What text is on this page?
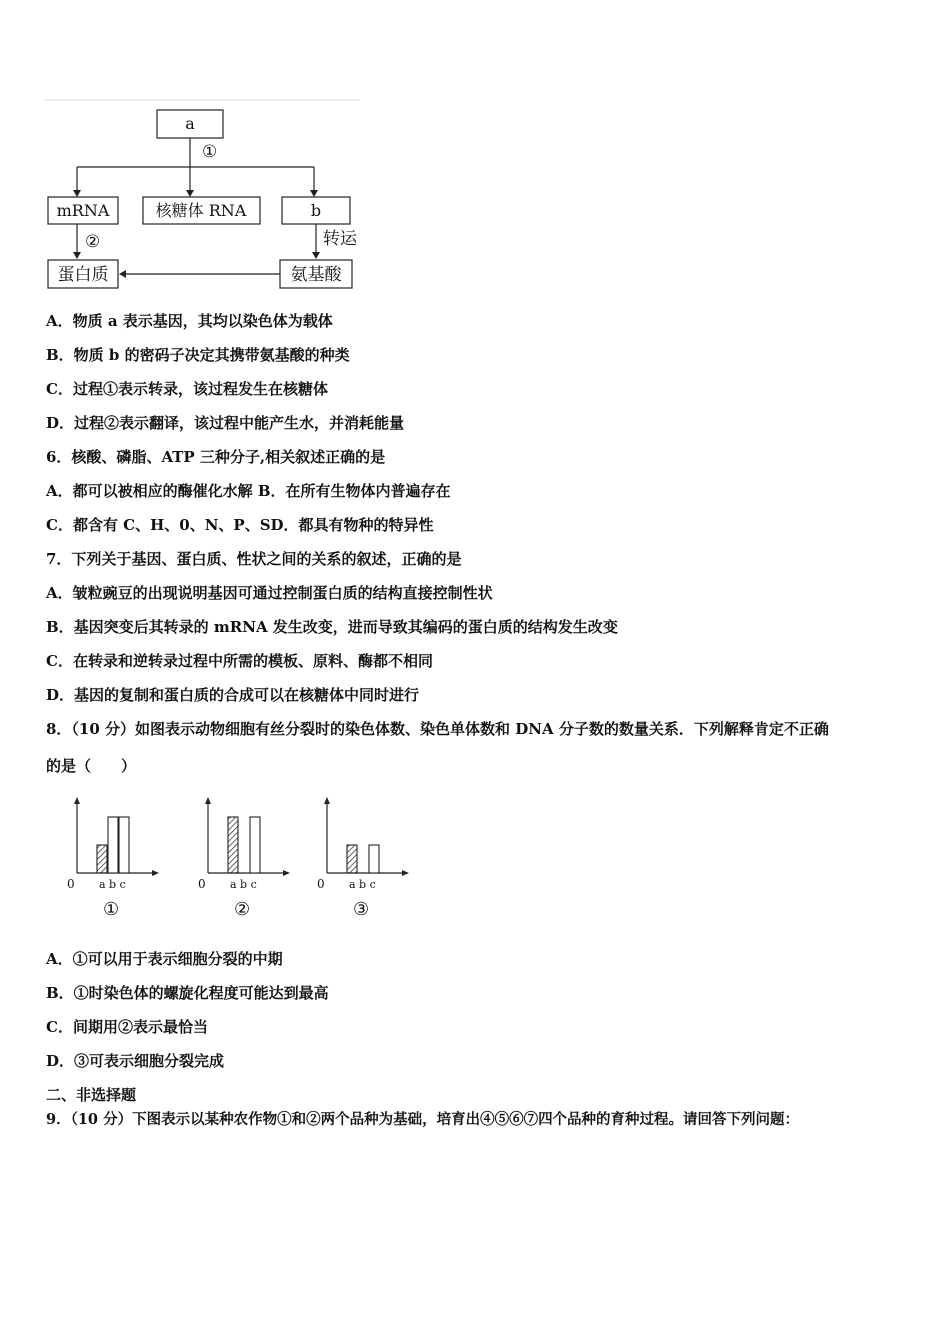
a
①
mRNA	核糖体 RNA	b
②	转运
蛋白质	氨基酸
A．物质 a 表示基因，其均以染色体为载体
B．物质 b 的密码子决定其携带氨基酸的种类
C．过程①表示转录，该过程发生在核糖体
D．过程②表示翻译，该过程中能产生水，并消耗能量
6．核酸、磷脂、ATP 三种分子,相关叙述正确的是
A．都可以被相应的酶催化水解 B．在所有生物体内普遍存在
C．都含有 C、H、0、N、P、SD．都具有物种的特异性
7．下列关于基因、蛋白质、性状之间的关系的叙述，正确的是
A．皱粒豌豆的出现说明基因可通过控制蛋白质的结构直接控制性状
B．基因突变后其转录的 mRNA 发生改变，进而导致其编码的蛋白质的结构发生改变
C．在转录和逆转录过程中所需的模板、原料、酶都不相同
D．基因的复制和蛋白质的合成可以在核糖体中同时进行
8．（10 分）如图表示动物细胞有丝分裂时的染色体数、染色单体数和 DNA 分子数的数量关系．下列解释肯定不正确
的是（　　）
0 a b c
①
0 a b c
②
0 a b c
③
A．①可以用于表示细胞分裂的中期
B．①时染色体的螺旋化程度可能达到最高
C．间期用②表示最恰当
D．③可表示细胞分裂完成
二、非选择题
9．（10 分）下图表示以某种农作物①和②两个品种为基础，培育出④⑤⑥⑦四个品种的育种过程。请回答下列问题：
